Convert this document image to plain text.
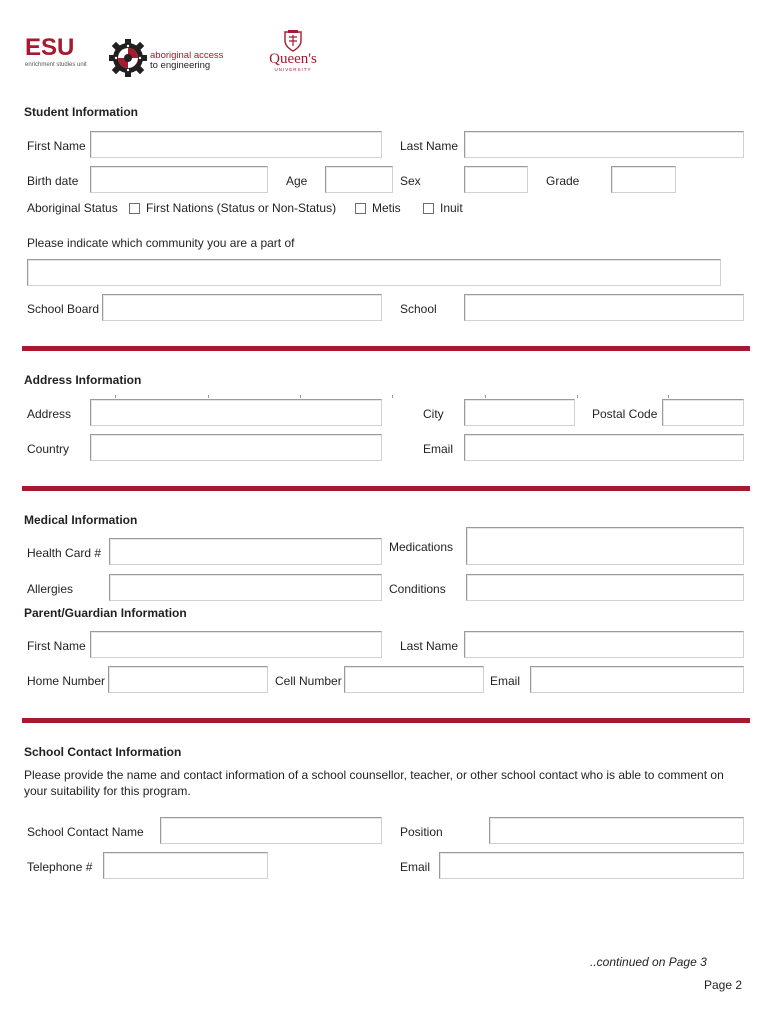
ESU
enrichment studies unit
aboriginal access
to engineering	Queen's
UNIVERSITY
Student Information
First Name	Last Name
Birth date	Age	Sex	Grade
Aboriginal Status First Nations (Status or Non-Status)	Metis	Inuit
Please indicate which community you are a part of
School Board	School
Address Information
Address	City	Postal Code
Country	Email
Medical Information
Health Card #	Medications
Allergies	Conditions
Parent/Guardian Information
First Name	Last Name
Home Number	Cell Number	Email
School Contact Information
Please provide the name and contact information of a school counsellor, teacher, or other school contact who is able to comment on your suitability for this program.
School Contact Name	Position
Telephone #	Email
..continued on Page 3
Page 2
